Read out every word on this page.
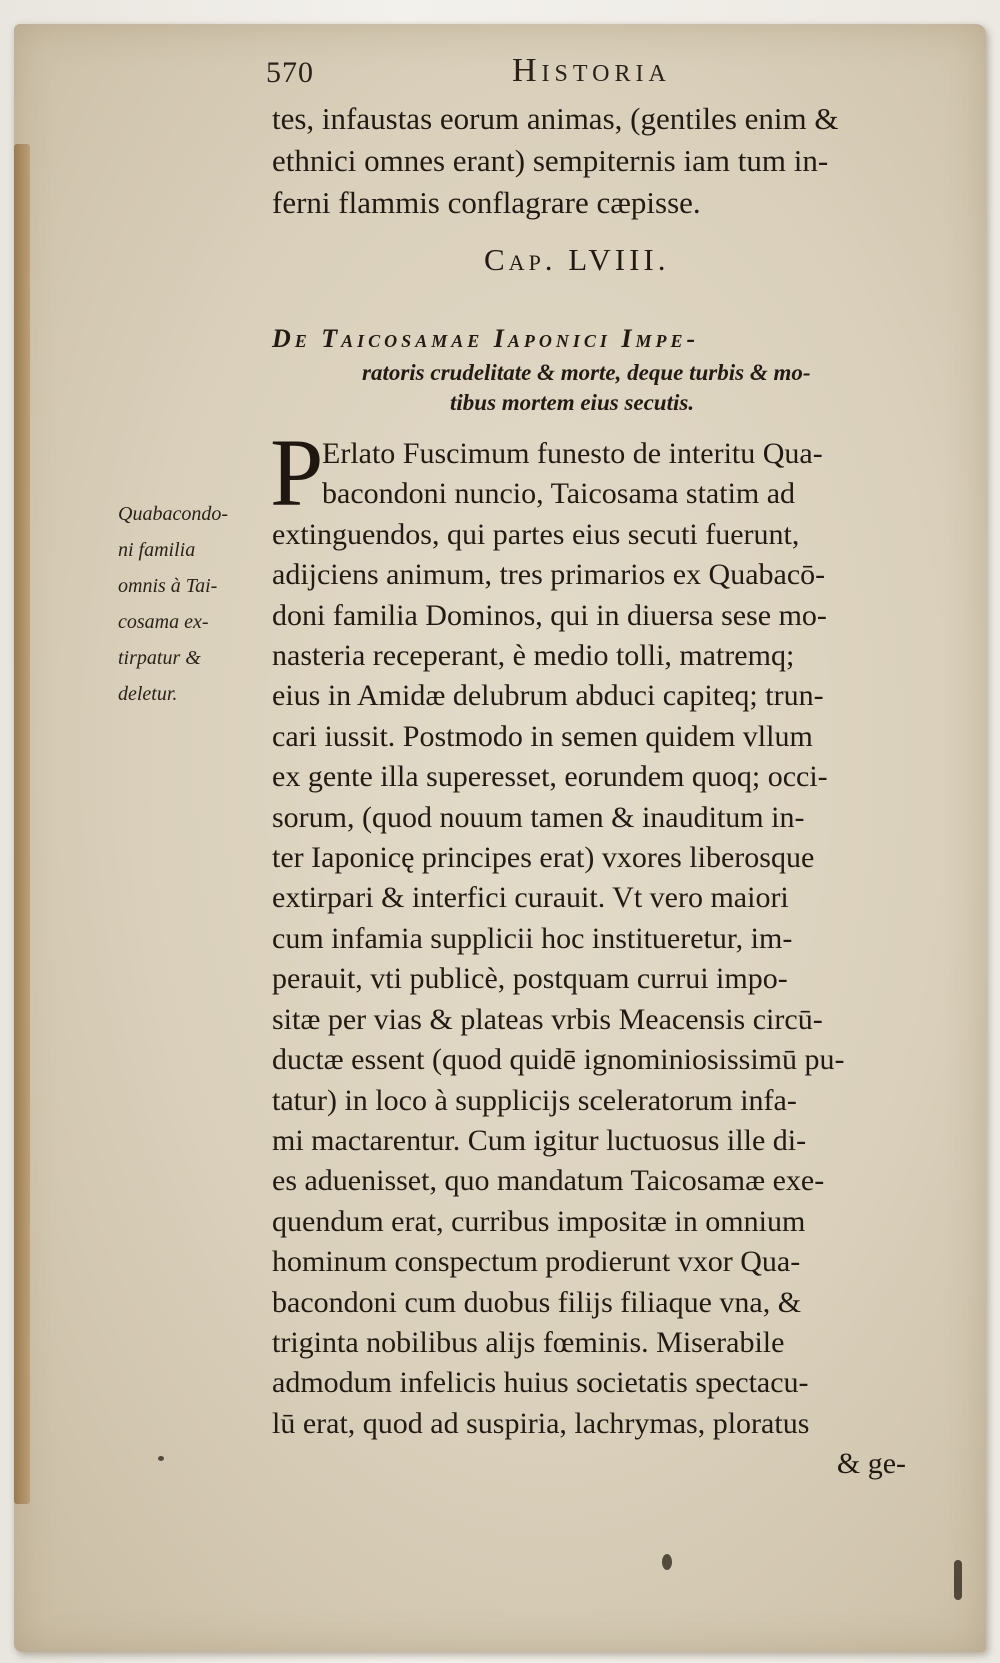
570	Historia
tes, infaustas eorum animas, (gentiles enim &
ethnici omnes erant) sempiternis iam tum in-
ferni flammis conflagrare cæpisse.
Cap. LVIII.
De Taicosamae Iaponici Impe-
ratoris crudelitate & morte, deque turbis & mo-
tibus mortem eius secutis.
Quabacondo-
ni familia
omnis à Tai-
cosama ex-
tirpatur &
deletur.
P
Erlato Fuscimum funesto de interitu Qua-
bacondoni nuncio, Taicosama statim ad
extinguendos, qui partes eius secuti fuerunt,
adijciens animum, tres primarios ex Quabacō-
doni familia Dominos, qui in diuersa sese mo-
nasteria receperant, è medio tolli, matremq;
eius in Amidæ delubrum abduci capiteq; trun-
cari iussit. Postmodo in semen quidem vllum
ex gente illa superesset, eorundem quoq; occi-
sorum, (quod nouum tamen & inauditum in-
ter Iaponicę principes erat) vxores liberosque
extirpari & interfici curauit. Vt vero maiori
cum infamia supplicii hoc institueretur, im-
perauit, vti publicè, postquam currui impo-
sitæ per vias & plateas vrbis Meacensis circū-
ductæ essent (quod quidē ignominiosissimū pu-
tatur) in loco à supplicijs sceleratorum infa-
mi mactarentur. Cum igitur luctuosus ille di-
es aduenisset, quo mandatum Taicosamæ exe-
quendum erat, curribus impositæ in omnium
hominum conspectum prodierunt vxor Qua-
bacondoni cum duobus filijs filiaque vna, &
triginta nobilibus alijs fœminis. Miserabile
admodum infelicis huius societatis spectacu-
lū erat, quod ad suspiria, lachrymas, ploratus
& ge-
